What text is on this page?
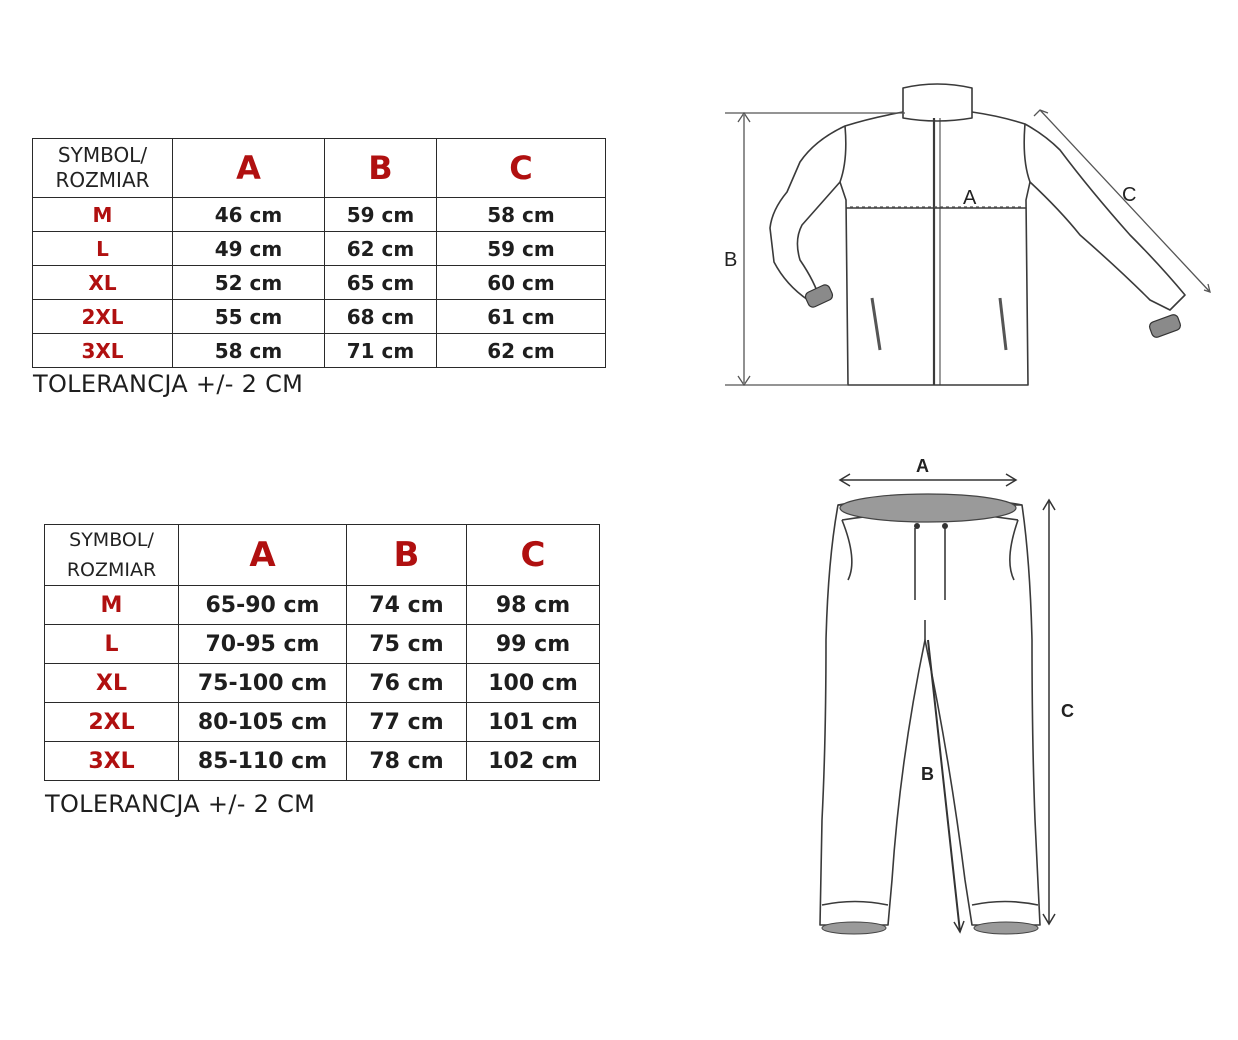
SYMBOL/
ROZMIAR	A	B	C
M	46 cm	59 cm	58 cm
L	49 cm	62 cm	59 cm
XL	52 cm	65 cm	60 cm
2XL	55 cm	68 cm	61 cm
3XL	58 cm	71 cm	62 cm
TOLERANCJA +/- 2 CM
SYMBOL/
ROZMIAR	A	B	C
M	65-90 cm	74 cm	98 cm
L	70-95 cm	75 cm	99 cm
XL	75-100 cm	76 cm	100 cm
2XL	80-105 cm	77 cm	101 cm
3XL	85-110 cm	78 cm	102 cm
TOLERANCJA +/- 2 CM
A
B
C
A
B
C
